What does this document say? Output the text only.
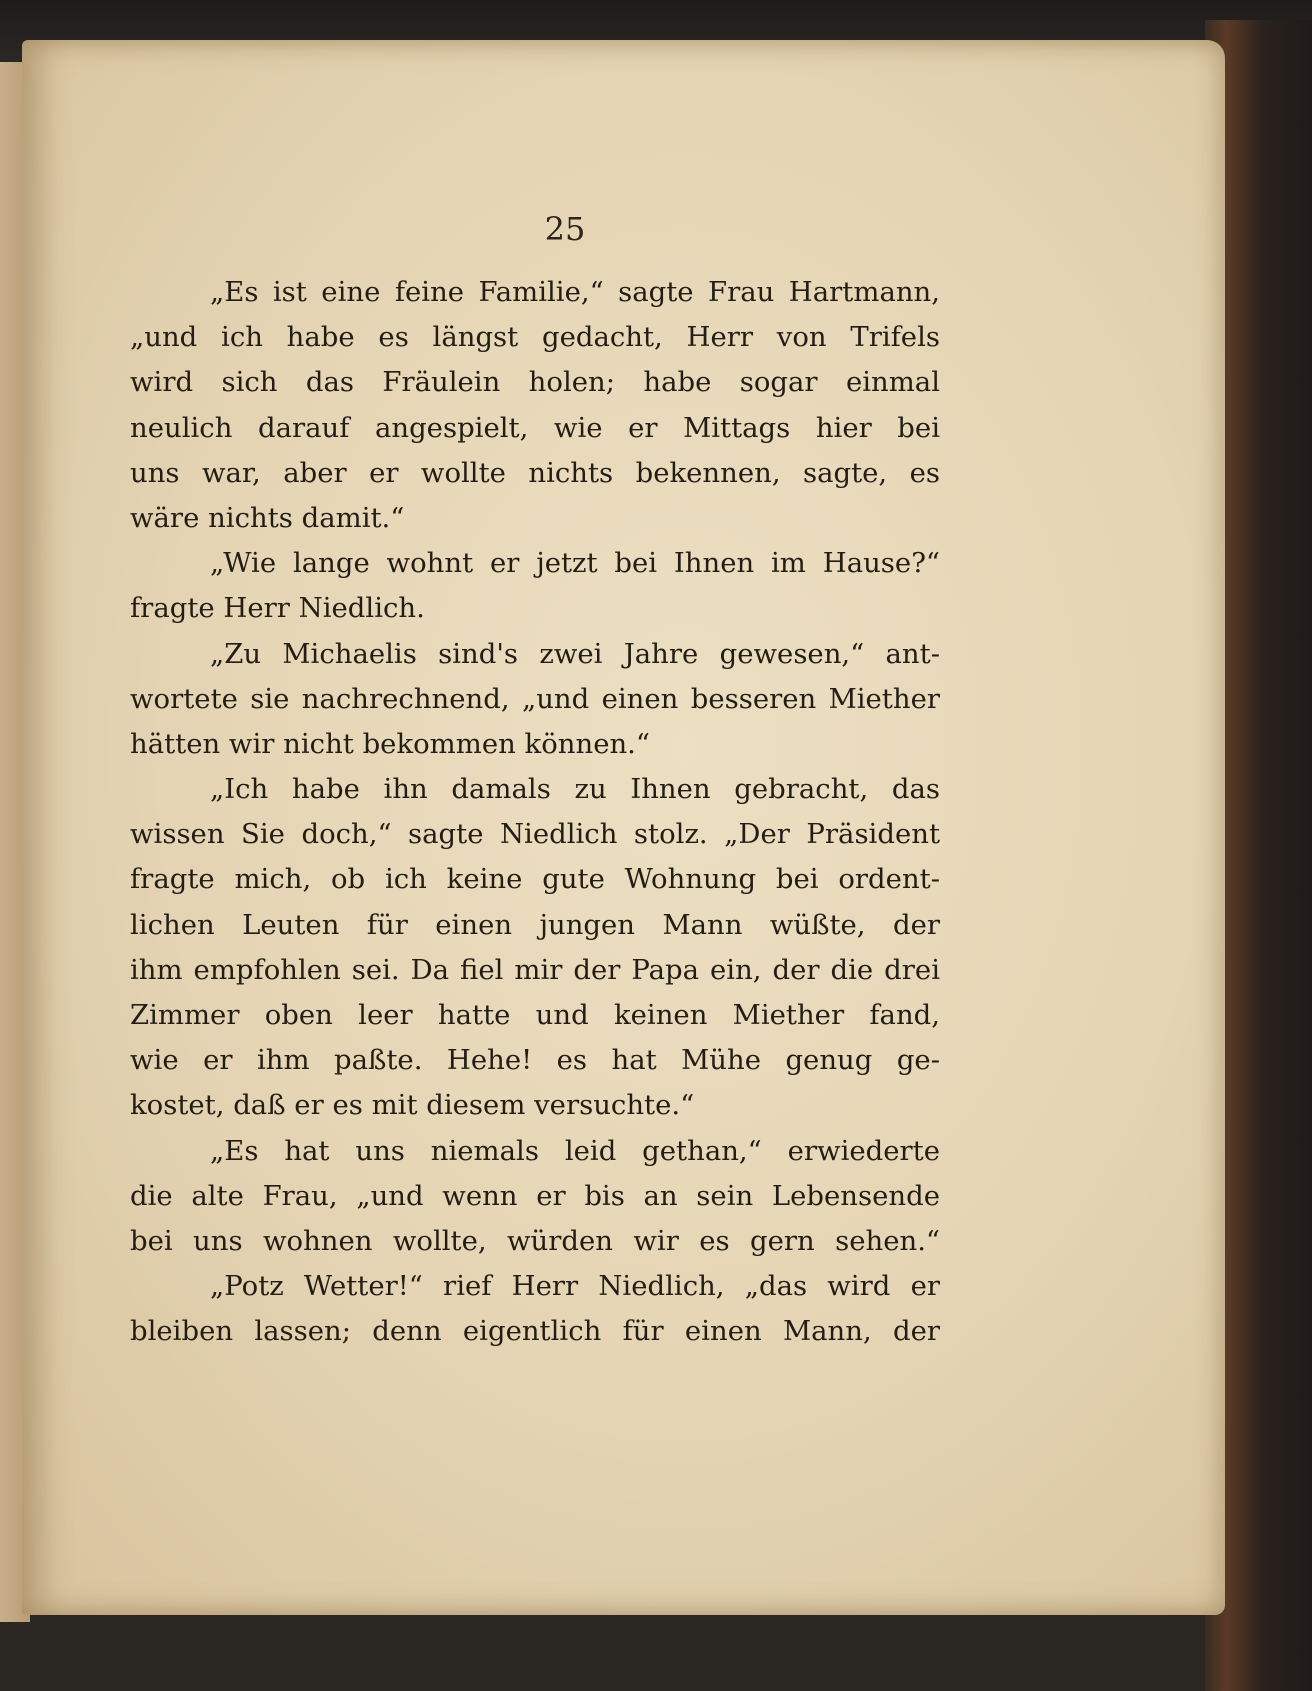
25
„Es ist eine feine Familie,“ sagte Frau Hartmann,
„und ich habe es längst gedacht, Herr von Trifels
wird sich das Fräulein holen; habe sogar einmal
neulich darauf angespielt, wie er Mittags hier bei
uns war, aber er wollte nichts bekennen, sagte, es
wäre nichts damit.“
„Wie lange wohnt er jetzt bei Ihnen im Hause?“
fragte Herr Niedlich.
„Zu Michaelis sind's zwei Jahre gewesen,“ ant-
wortete sie nachrechnend, „und einen besseren Miether
hätten wir nicht bekommen können.“
„Ich habe ihn damals zu Ihnen gebracht, das
wissen Sie doch,“ sagte Niedlich stolz. „Der Präsident
fragte mich, ob ich keine gute Wohnung bei ordent-
lichen Leuten für einen jungen Mann wüßte, der
ihm empfohlen sei. Da fiel mir der Papa ein, der die drei
Zimmer oben leer hatte und keinen Miether fand,
wie er ihm paßte. Hehe! es hat Mühe genug ge-
kostet, daß er es mit diesem versuchte.“
„Es hat uns niemals leid gethan,“ erwiederte
die alte Frau, „und wenn er bis an sein Lebensende
bei uns wohnen wollte, würden wir es gern sehen.“
„Potz Wetter!“ rief Herr Niedlich, „das wird er
bleiben lassen; denn eigentlich für einen Mann, der
